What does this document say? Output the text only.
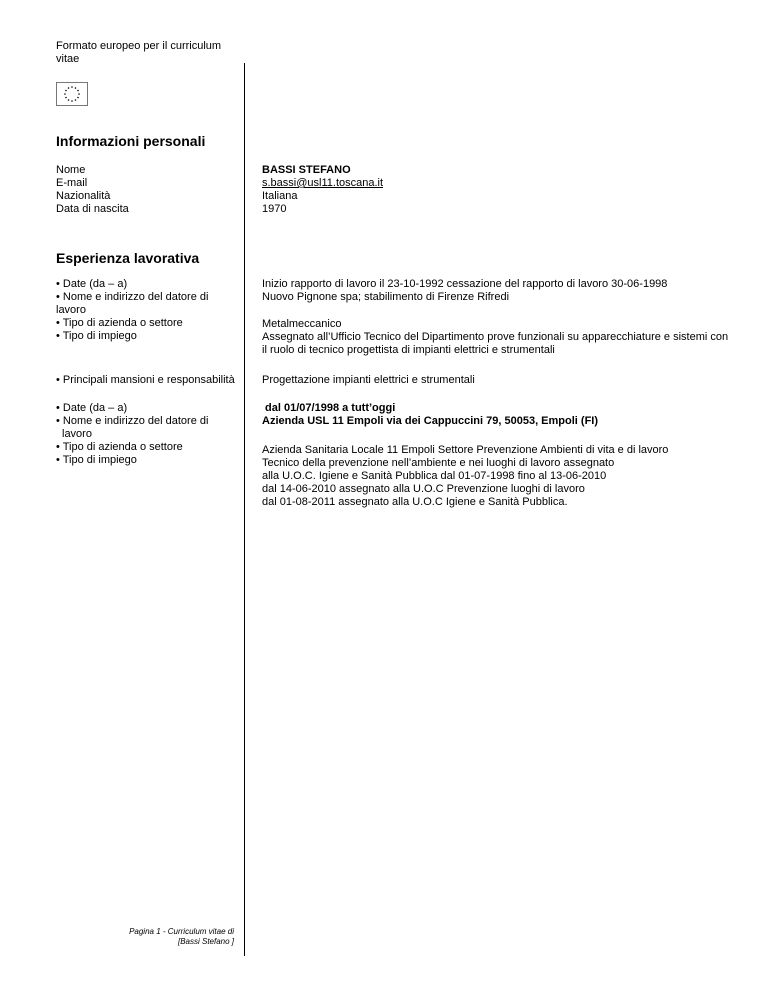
Formato europeo per il curriculum
vitae
Informazioni personali
Nome
E-mail
Nazionalità
Data di nascita
BASSI STEFANO
s.bassi@usl11.toscana.it
Italiana
1970
Esperienza lavorativa
• Date (da – a)
• Nome e indirizzo del datore di
lavoro
• Tipo di azienda o settore
• Tipo di impiego
Inizio rapporto di lavoro il 23-10-1992 cessazione del rapporto di lavoro 30-06-1998
Nuovo Pignone spa; stabilimento di Firenze Rifredi
Metalmeccanico
Assegnato all’Ufficio Tecnico del Dipartimento prove funzionali su apparecchiature e sistemi con
il ruolo di tecnico progettista di impianti elettrici e strumentali
• Principali mansioni e responsabilità Progettazione impianti elettrici e strumentali
• Date (da – a)
• Nome e indirizzo del datore di
lavoro
• Tipo di azienda o settore
• Tipo di impiego
dal 01/07/1998 a tutt’oggi
Azienda USL 11 Empoli via dei Cappuccini 79, 50053, Empoli (FI)
Azienda Sanitaria Locale 11 Empoli Settore Prevenzione Ambienti di vita e di lavoro
Tecnico della prevenzione nell’ambiente e nei luoghi di lavoro assegnato
alla U.O.C. Igiene e Sanità Pubblica dal 01-07-1998 fino al 13-06-2010
dal 14-06-2010 assegnato alla U.O.C Prevenzione luoghi di lavoro
dal 01-08-2011 assegnato alla U.O.C Igiene e Sanità Pubblica.
Pagina 1 - Curriculum vitae di
[Bassi Stefano ]
